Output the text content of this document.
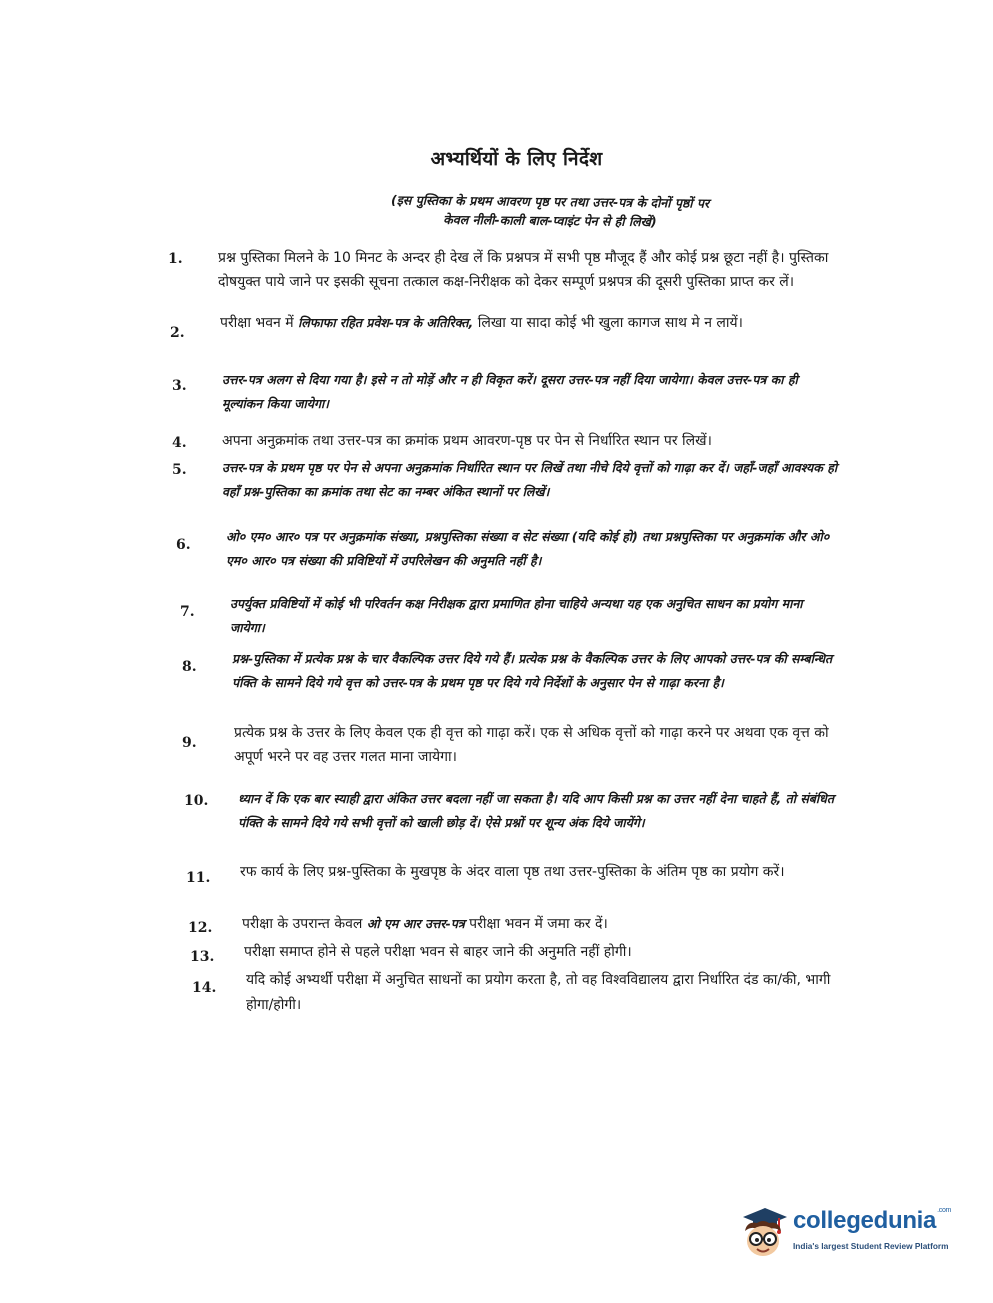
अभ्यर्थियों के लिए निर्देश
(इस पुस्तिका के प्रथम आवरण पृष्ठ पर तथा उत्तर-पत्र के दोनों पृष्ठों पर
केवल नीली-काली बाल-प्वाइंट पेन से ही लिखें)
1.	प्रश्न पुस्तिका मिलने के 10 मिनट के अन्दर ही देख लें कि प्रश्नपत्र में सभी पृष्ठ मौजूद हैं और कोई प्रश्न छूटा नहीं है। पुस्तिका दोषयुक्त पाये जाने पर इसकी सूचना तत्काल कक्ष-निरीक्षक को देकर सम्पूर्ण प्रश्नपत्र की दूसरी पुस्तिका प्राप्त कर लें।
2.
परीक्षा भवन में लिफाफा रहित प्रवेश-पत्र के अतिरिक्त, लिखा या सादा कोई भी खुला कागज साथ मे न लायें।
3.	उत्तर-पत्र अलग से दिया गया है। इसे न तो मोड़ें और न ही विकृत करें। दूसरा उत्तर-पत्र नहीं दिया जायेगा। केवल उत्तर-पत्र का ही मूल्यांकन किया जायेगा।
4.	अपना अनुक्रमांक तथा उत्तर-पत्र का क्रमांक प्रथम आवरण-पृष्ठ पर पेन से निर्धारित स्थान पर लिखें।
5.	उत्तर-पत्र के प्रथम पृष्ठ पर पेन से अपना अनुक्रमांक निर्धारित स्थान पर लिखें तथा नीचे दिये वृत्तों को गाढ़ा कर दें। जहाँ-जहाँ आवश्यक हो वहाँ प्रश्न-पुस्तिका का क्रमांक तथा सेट का नम्बर अंकित स्थानों पर लिखें।
6.
ओ० एम० आर० पत्र पर अनुक्रमांक संख्या, प्रश्नपुस्तिका संख्या व सेट संख्या (यदि कोई हो) तथा प्रश्नपुस्तिका पर अनुक्रमांक और ओ० एम० आर० पत्र संख्या की प्रविष्टियों में उपरिलेखन की अनुमति नहीं है।
7.
उपर्युक्त प्रविष्टियों में कोई भी परिवर्तन कक्ष निरीक्षक द्वारा प्रमाणित होना चाहिये अन्यथा यह एक अनुचित साधन का प्रयोग माना जायेगा।
8.
प्रश्न-पुस्तिका में प्रत्येक प्रश्न के चार वैकल्पिक उत्तर दिये गये हैं। प्रत्येक प्रश्न के वैकल्पिक उत्तर के लिए आपको उत्तर-पत्र की सम्बन्धित पंक्ति के सामने दिये गये वृत्त को उत्तर-पत्र के प्रथम पृष्ठ पर दिये गये निर्देशों के अनुसार पेन से गाढ़ा करना है।
9.
प्रत्येक प्रश्न के उत्तर के लिए केवल एक ही वृत्त को गाढ़ा करें। एक से अधिक वृत्तों को गाढ़ा करने पर अथवा एक वृत्त को अपूर्ण भरने पर वह उत्तर गलत माना जायेगा।
10.	ध्यान दें कि एक बार स्याही द्वारा अंकित उत्तर बदला नहीं जा सकता है। यदि आप किसी प्रश्न का उत्तर नहीं देना चाहते हैं, तो संबंधित पंक्ति के सामने दिये गये सभी वृत्तों को खाली छोड़ दें। ऐसे प्रश्नों पर शून्य अंक दिये जायेंगे।
11.	रफ कार्य के लिए प्रश्न-पुस्तिका के मुखपृष्ठ के अंदर वाला पृष्ठ तथा उत्तर-पुस्तिका के अंतिम पृष्ठ का प्रयोग करें।
12.	परीक्षा के उपरान्त केवल ओ एम आर उत्तर-पत्र परीक्षा भवन में जमा कर दें।
13.	परीक्षा समाप्त होने से पहले परीक्षा भवन से बाहर जाने की अनुमति नहीं होगी।
14.	यदि कोई अभ्यर्थी परीक्षा में अनुचित साधनों का प्रयोग करता है, तो वह विश्वविद्यालय द्वारा निर्धारित दंड का/की, भागी होगा/होगी।
collegedunia$^{.com}$
India's largest Student Review Platform
